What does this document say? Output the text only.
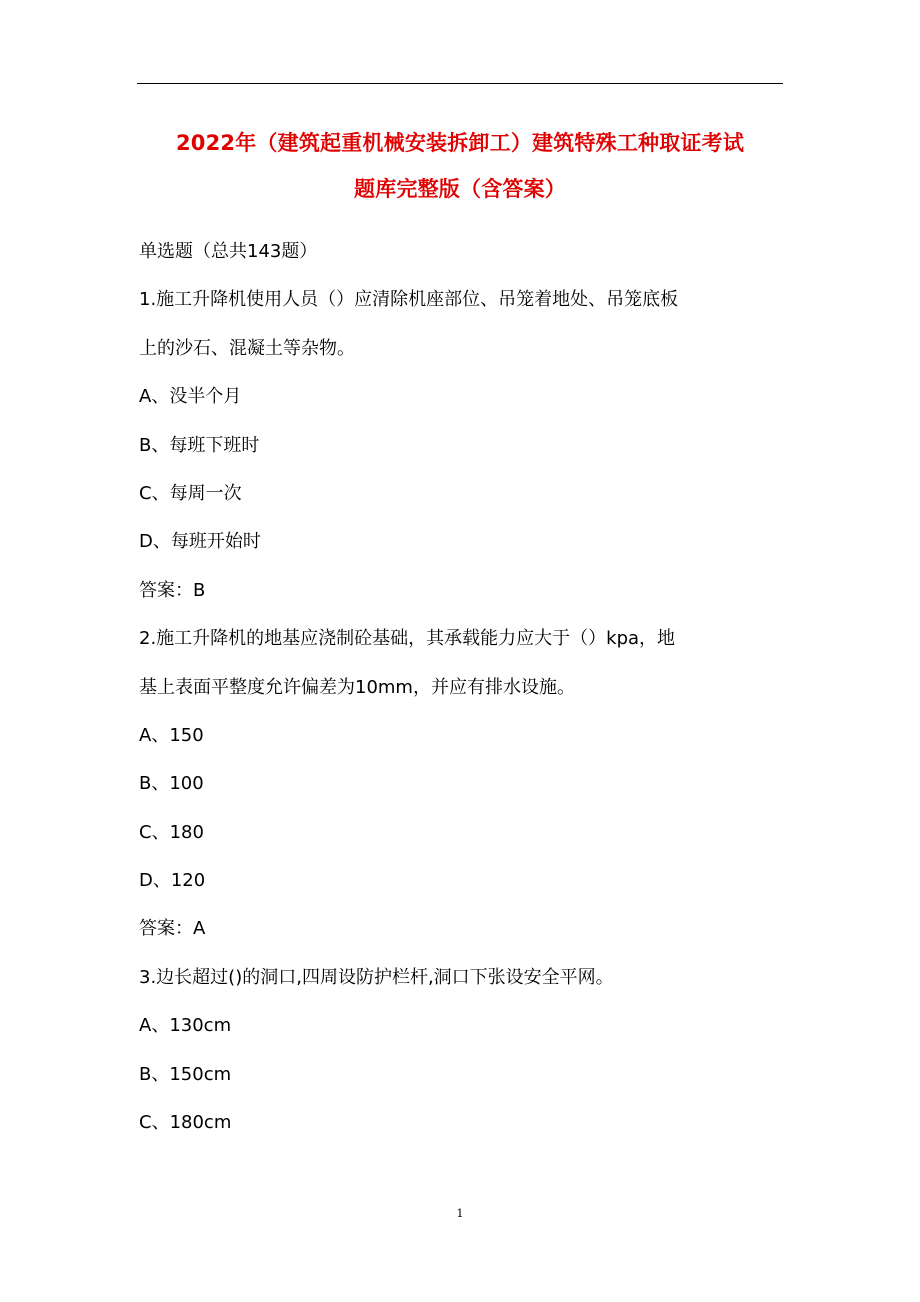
2022年（建筑起重机械安装拆卸工）建筑特殊工种取证考试
题库完整版（含答案）
单选题（总共143题）
1.施工升降机使用人员（）应清除机座部位、吊笼着地处、吊笼底板
上的沙石、混凝土等杂物。
A、没半个月
B、每班下班时
C、每周一次
D、每班开始时
答案：B
2.施工升降机的地基应浇制砼基础，其承载能力应大于（）kpa，地
基上表面平整度允许偏差为10mm，并应有排水设施。
A、150
B、100
C、180
D、120
答案：A
3.边长超过()的洞口,四周设防护栏杆,洞口下张设安全平网。
A、130cm
B、150cm
C、180cm
1
